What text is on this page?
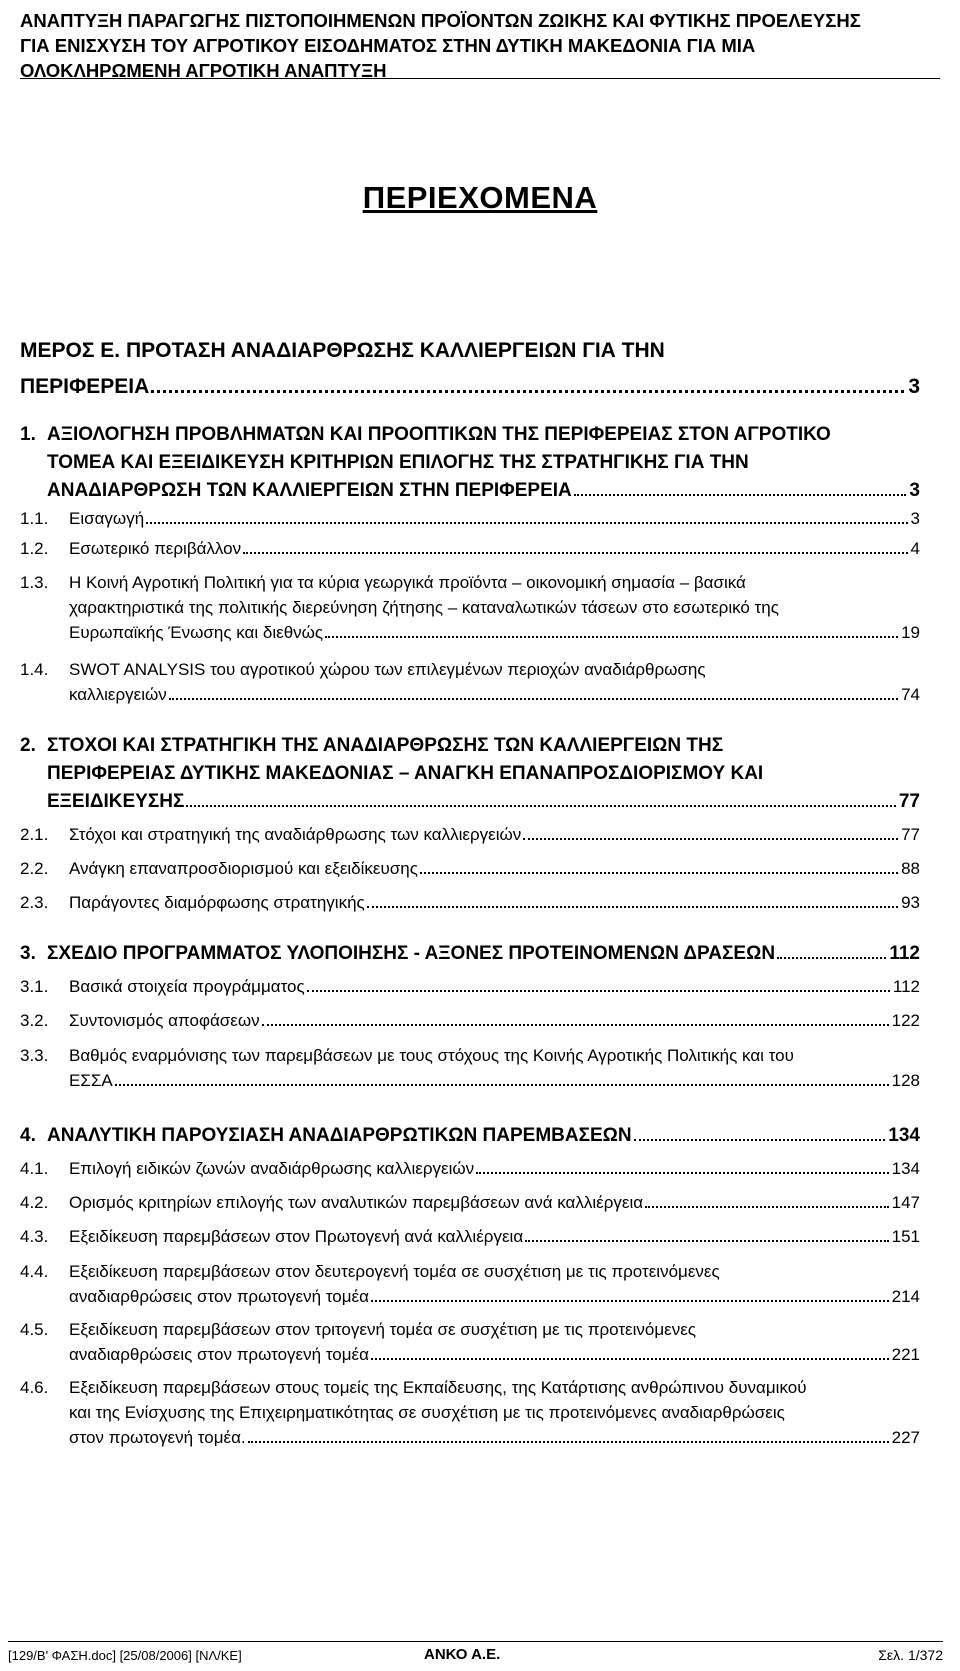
ΑΝΑΠΤΥΞΗ ΠΑΡΑΓΩΓΗΣ ΠΙΣΤΟΠΟΙΗΜΕΝΩΝ ΠΡΟΪΟΝΤΩΝ ΖΩΙΚΗΣ ΚΑΙ ΦΥΤΙΚΗΣ ΠΡΟΕΛΕΥΣΗΣ
ΓΙΑ ΕΝΙΣΧΥΣΗ ΤΟΥ ΑΓΡΟΤΙΚΟΥ ΕΙΣΟΔΗΜΑΤΟΣ ΣΤΗΝ ΔΥΤΙΚΗ ΜΑΚΕΔΟΝΙΑ ΓΙΑ ΜΙΑ
ΟΛΟΚΛΗΡΩΜΕΝΗ ΑΓΡΟΤΙΚΗ ΑΝΑΠΤΥΞΗ
ΠΕΡΙΕΧΟΜΕΝΑ
ΜΕΡΟΣ Ε. ΠΡΟΤΑΣΗ ΑΝΑΔΙΑΡΘΡΩΣΗΣ ΚΑΛΛΙΕΡΓΕΙΩΝ ΓΙΑ ΤΗΝ
ΠΕΡΙΦΕΡΕΙΑ	3
1. ΑΞΙΟΛΟΓΗΣΗ ΠΡΟΒΛΗΜΑΤΩΝ ΚΑΙ ΠΡΟΟΠΤΙΚΩΝ ΤΗΣ ΠΕΡΙΦΕΡΕΙΑΣ ΣΤΟΝ ΑΓΡΟΤΙΚΟ
ΤΟΜΕΑ ΚΑΙ ΕΞΕΙΔΙΚΕΥΣΗ ΚΡΙΤΗΡΙΩΝ ΕΠΙΛΟΓΗΣ ΤΗΣ ΣΤΡΑΤΗΓΙΚΗΣ ΓΙΑ ΤΗΝ
ΑΝΑΔΙΑΡΘΡΩΣΗ ΤΩΝ ΚΑΛΛΙΕΡΓΕΙΩΝ ΣΤΗΝ ΠΕΡΙΦΕΡΕΙΑ	3
1.1.	Εισαγωγή	3
1.2.	Εσωτερικό περιβάλλον	4
1.3.	Η Κοινή Αγροτική Πολιτική για τα κύρια γεωργικά προϊόντα – οικονομική σημασία – βασικά
χαρακτηριστικά της πολιτικής διερεύνηση ζήτησης – καταναλωτικών τάσεων στο εσωτερικό της
Ευρωπαϊκής Ένωσης και διεθνώς	19
1.4.	SWOT ANALYSIS του αγροτικού χώρου των επιλεγμένων περιοχών αναδιάρθρωσης
καλλιεργειών	74
2. ΣΤΟΧΟΙ ΚΑΙ ΣΤΡΑΤΗΓΙΚΗ ΤΗΣ ΑΝΑΔΙΑΡΘΡΩΣΗΣ ΤΩΝ ΚΑΛΛΙΕΡΓΕΙΩΝ ΤΗΣ
ΠΕΡΙΦΕΡΕΙΑΣ ΔΥΤΙΚΗΣ ΜΑΚΕΔΟΝΙΑΣ – ΑΝΑΓΚΗ ΕΠΑΝΑΠΡΟΣΔΙΟΡΙΣΜΟΥ ΚΑΙ
ΕΞΕΙΔΙΚΕΥΣΗΣ	77
2.1.	Στόχοι και στρατηγική της αναδιάρθρωσης των καλλιεργειών	77
2.2.	Ανάγκη επαναπροσδιορισμού και εξειδίκευσης	88
2.3.	Παράγοντες διαμόρφωσης στρατηγικής	93
3. ΣΧΕΔΙΟ ΠΡΟΓΡΑΜΜΑΤΟΣ ΥΛΟΠΟΙΗΣΗΣ - ΑΞΟΝΕΣ ΠΡΟΤΕΙΝΟΜΕΝΩΝ ΔΡΑΣΕΩΝ	112
3.1.	Βασικά στοιχεία προγράμματος	112
3.2.	Συντονισμός αποφάσεων	122
3.3.	Βαθμός εναρμόνισης των παρεμβάσεων με τους στόχους της Κοινής Αγροτικής Πολιτικής και του
ΕΣΣΑ	128
4. ΑΝΑΛΥΤΙΚΗ ΠΑΡΟΥΣΙΑΣΗ ΑΝΑΔΙΑΡΘΡΩΤΙΚΩΝ ΠΑΡΕΜΒΑΣΕΩΝ	134
4.1.	Επιλογή ειδικών ζωνών αναδιάρθρωσης καλλιεργειών	134
4.2.	Ορισμός κριτηρίων επιλογής των αναλυτικών παρεμβάσεων ανά καλλιέργεια	147
4.3.	Εξειδίκευση παρεμβάσεων στον Πρωτογενή ανά καλλιέργεια	151
4.4.	Εξειδίκευση παρεμβάσεων στον δευτερογενή τομέα σε συσχέτιση με τις προτεινόμενες
αναδιαρθρώσεις στον πρωτογενή τομέα	214
4.5.	Εξειδίκευση παρεμβάσεων στον τριτογενή τομέα σε συσχέτιση με τις προτεινόμενες
αναδιαρθρώσεις στον πρωτογενή τομέα	221
4.6.	Εξειδίκευση παρεμβάσεων στους τομείς της Εκπαίδευσης, της Κατάρτισης ανθρώπινου δυναμικού
και της Ενίσχυσης της Επιχειρηματικότητας σε συσχέτιση με τις προτεινόμενες αναδιαρθρώσεις
στον πρωτογενή τομέα.	227
[129/Β' ΦΑΣΗ.doc] [25/08/2006] [ΝΛ/ΚΕ]	ΑΝΚΟ Α.Ε.	Σελ. 1/372
